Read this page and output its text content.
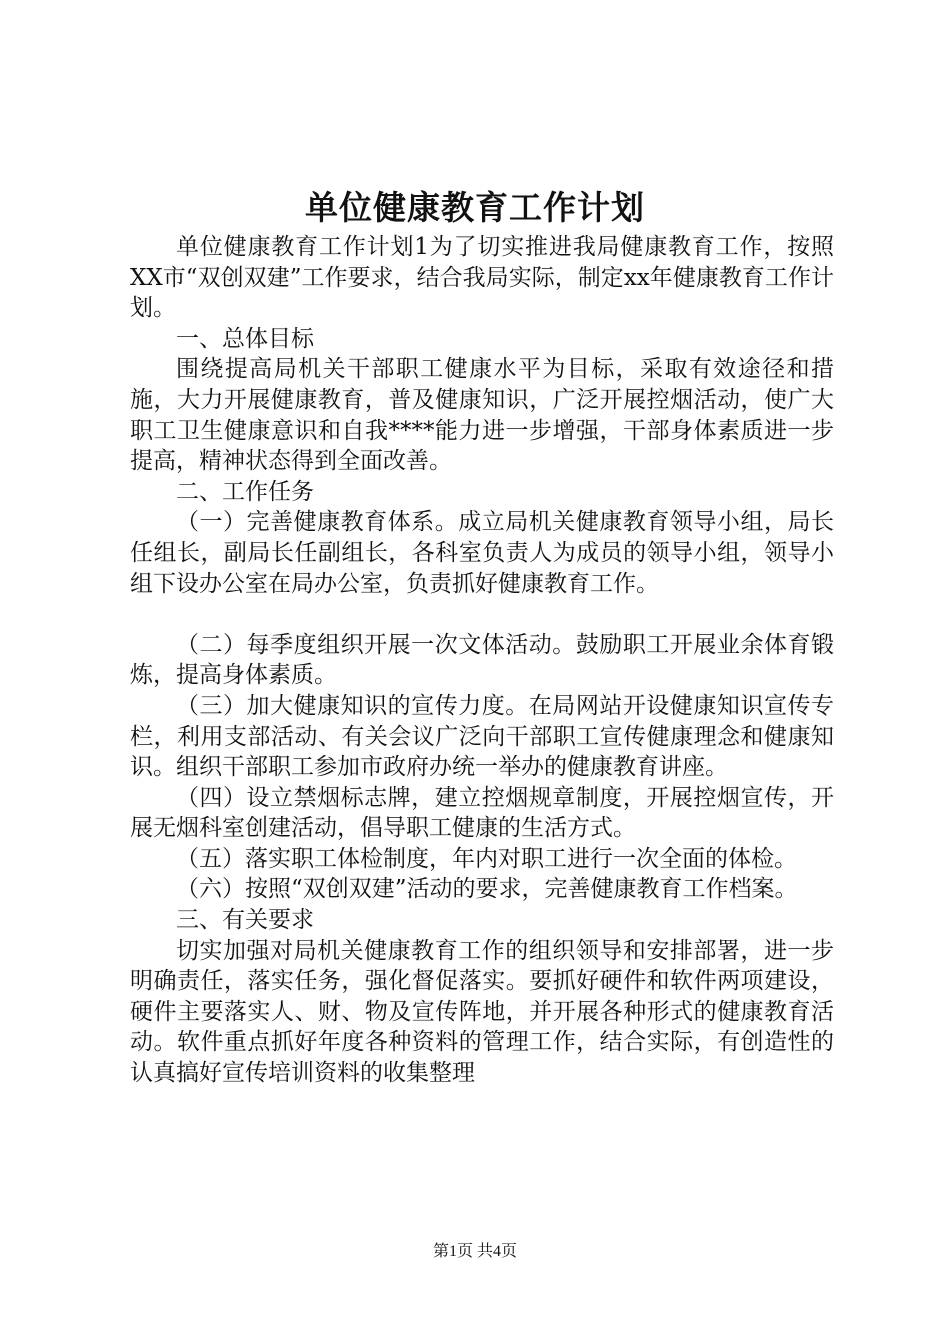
单位健康教育工作计划

单位健康教育工作计划1为了切实推进我局健康教育工作，按照XX市“双创双建”工作要求，结合我局实际，制定xx年健康教育工作计划。

一、总体目标

围绕提高局机关干部职工健康水平为目标，采取有效途径和措施，大力开展健康教育，普及健康知识，广泛开展控烟活动，使广大职工卫生健康意识和自我****能力进一步增强，干部身体素质进一步提高，精神状态得到全面改善。

二、工作任务

（一）完善健康教育体系。成立局机关健康教育领导小组，局长任组长，副局长任副组长，各科室负责人为成员的领导小组，领导小组下设办公室在局办公室，负责抓好健康教育工作。

（二）每季度组织开展一次文体活动。鼓励职工开展业余体育锻炼，提高身体素质。

（三）加大健康知识的宣传力度。在局网站开设健康知识宣传专栏，利用支部活动、有关会议广泛向干部职工宣传健康理念和健康知识。组织干部职工参加市政府办统一举办的健康教育讲座。

（四）设立禁烟标志牌，建立控烟规章制度，开展控烟宣传，开展无烟科室创建活动，倡导职工健康的生活方式。

（五）落实职工体检制度，年内对职工进行一次全面的体检。

（六）按照“双创双建”活动的要求，完善健康教育工作档案。

三、有关要求

切实加强对局机关健康教育工作的组织领导和安排部署，进一步明确责任，落实任务，强化督促落实。要抓好硬件和软件两项建设，硬件主要落实人、财、物及宣传阵地，并开展各种形式的健康教育活动。软件重点抓好年度各种资料的管理工作，结合实际，有创造性的认真搞好宣传培训资料的收集整理

第1页 共4页
